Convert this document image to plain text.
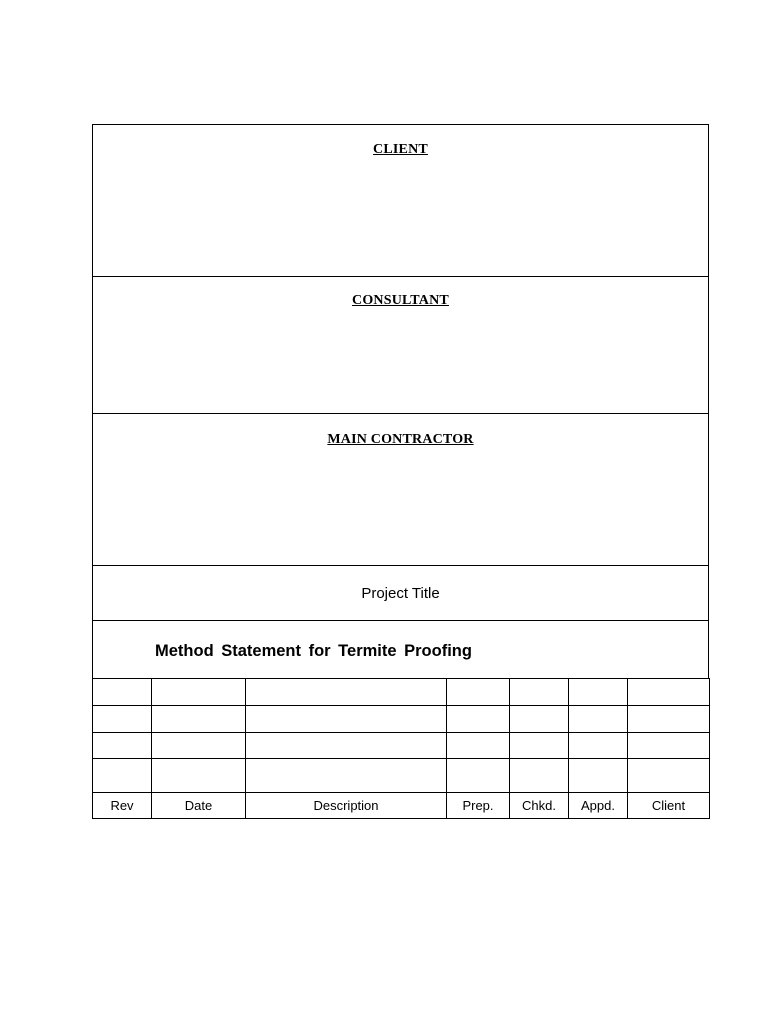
CLIENT
CONSULTANT
MAIN CONTRACTOR
Project Title
Method Statement for Termite Proofing

Rev	Date	Description	Prep.	Chkd.	Appd.	Client
